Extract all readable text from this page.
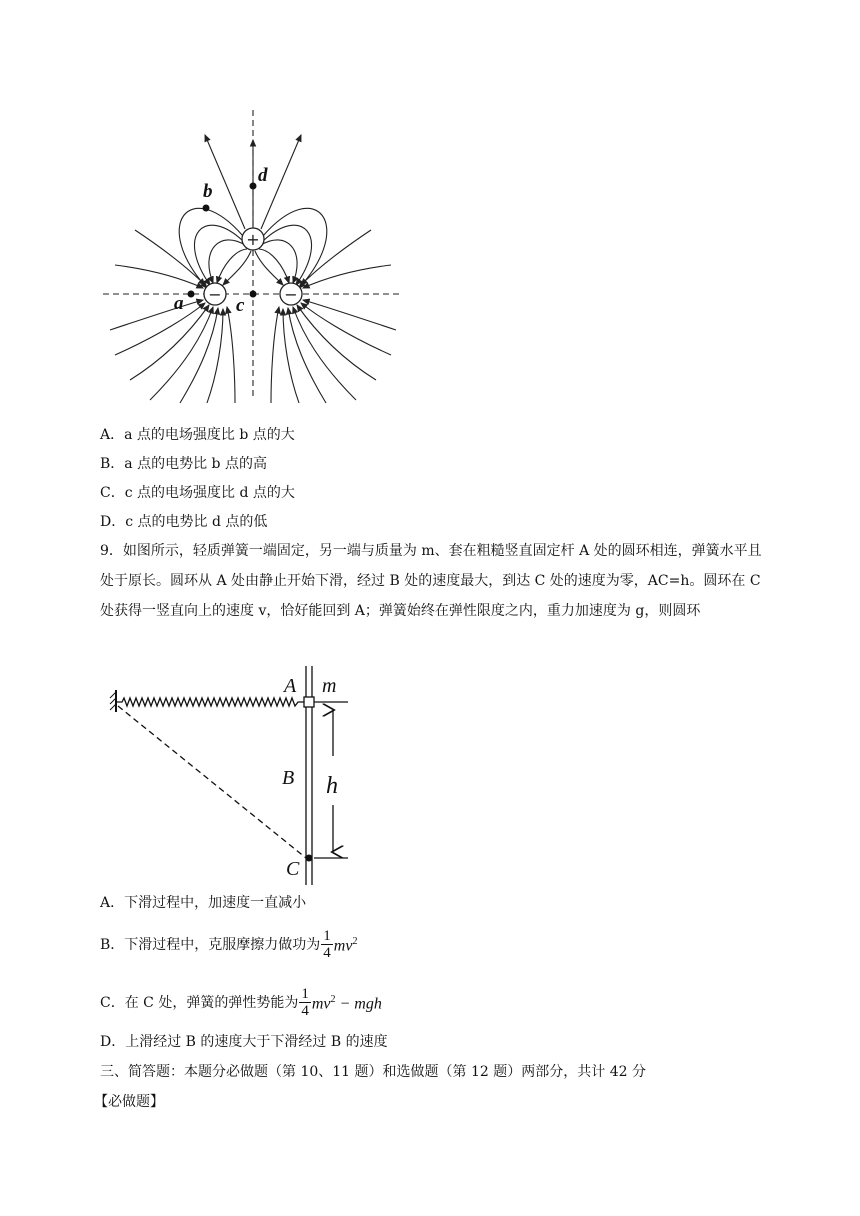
+
−	−
a
b
c
d
A．a 点的电场强度比 b 点的大
B．a 点的电势比 b 点的高
C．c 点的电场强度比 d 点的大
D．c 点的电势比 d 点的低
9．如图所示，轻质弹簧一端固定，另一端与质量为 m、套在粗糙竖直固定杆 A 处的圆环相连，弹簧水平且处于原长。圆环从 A 处由静止开始下滑，经过 B 处的速度最大，到达 C 处的速度为零，AC=h。圆环在 C 处获得一竖直向上的速度 v，恰好能回到 A；弹簧始终在弹性限度之内，重力加速度为 g，则圆环
A m
B h
C
A．下滑过程中，加速度一直减小
B．下滑过程中，克服摩擦力做功为 $\frac{1}{4} mv^2$
C．在 C 处，弹簧的弹性势能为 $\frac{1}{4} mv^2$ − mgh
D．上滑经过 B 的速度大于下滑经过 B 的速度
三、简答题：本题分必做题（第 10、11 题）和选做题（第 12 题）两部分，共计 42 分
【必做题】
